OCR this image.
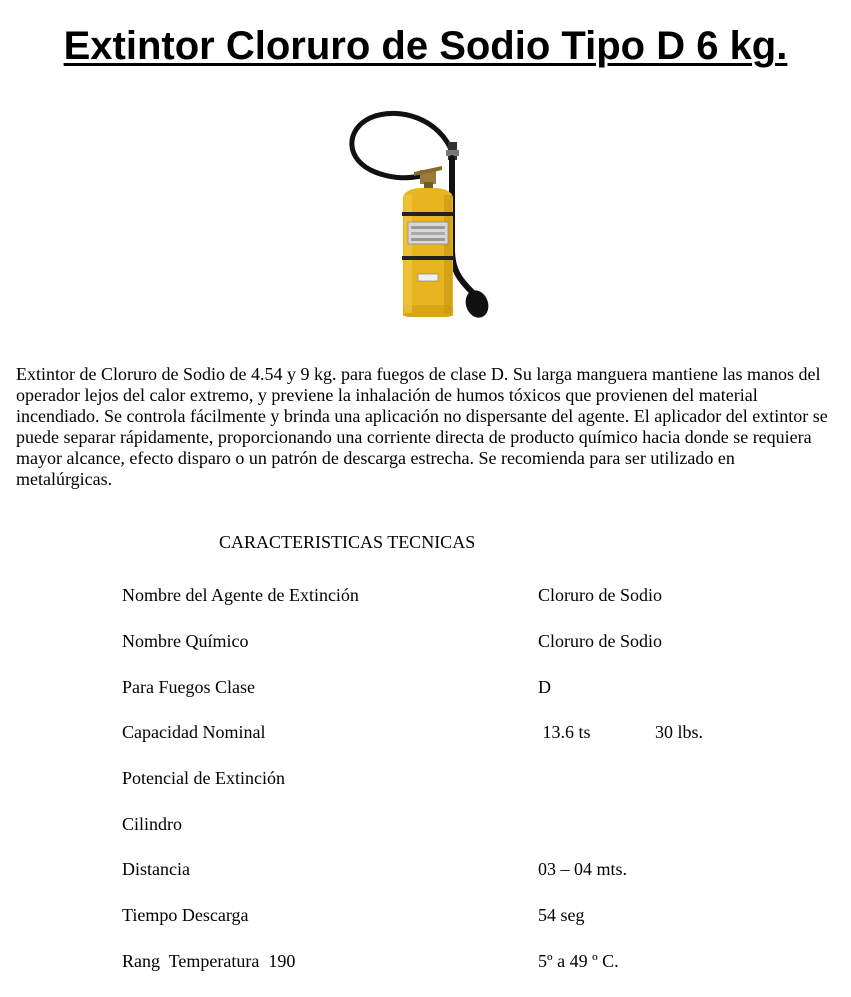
Extintor Cloruro de Sodio Tipo D 6 kg.

Extintor de Cloruro de Sodio de 4.54 y 9 kg. para fuegos de clase D. Su larga manguera mantiene las manos del operador lejos del calor extremo, y previene la inhalación de humos tóxicos que provienen del material incendiado. Se controla fácilmente y brinda una aplicación no dispersante del agente. El aplicador del extintor se puede separar rápidamente, proporcionando una corriente directa de producto químico hacia donde se requiera mayor alcance, efecto disparo o un patrón de descarga estrecha. Se recomienda para ser utilizado en metalúrgicas.

CARACTERISTICAS TECNICAS
Nombre del Agente de Extinción	Cloruro de Sodio
Nombre Químico	Cloruro de Sodio
Para Fuegos Clase	D
Capacidad Nominal	13.6 ts	30 lbs.
Potencial de Extinción
Cilindro
Distancia	03 – 04 mts.
Tiempo Descarga	54 seg
Rang  Temperatura  190	5º a 49 º C.
